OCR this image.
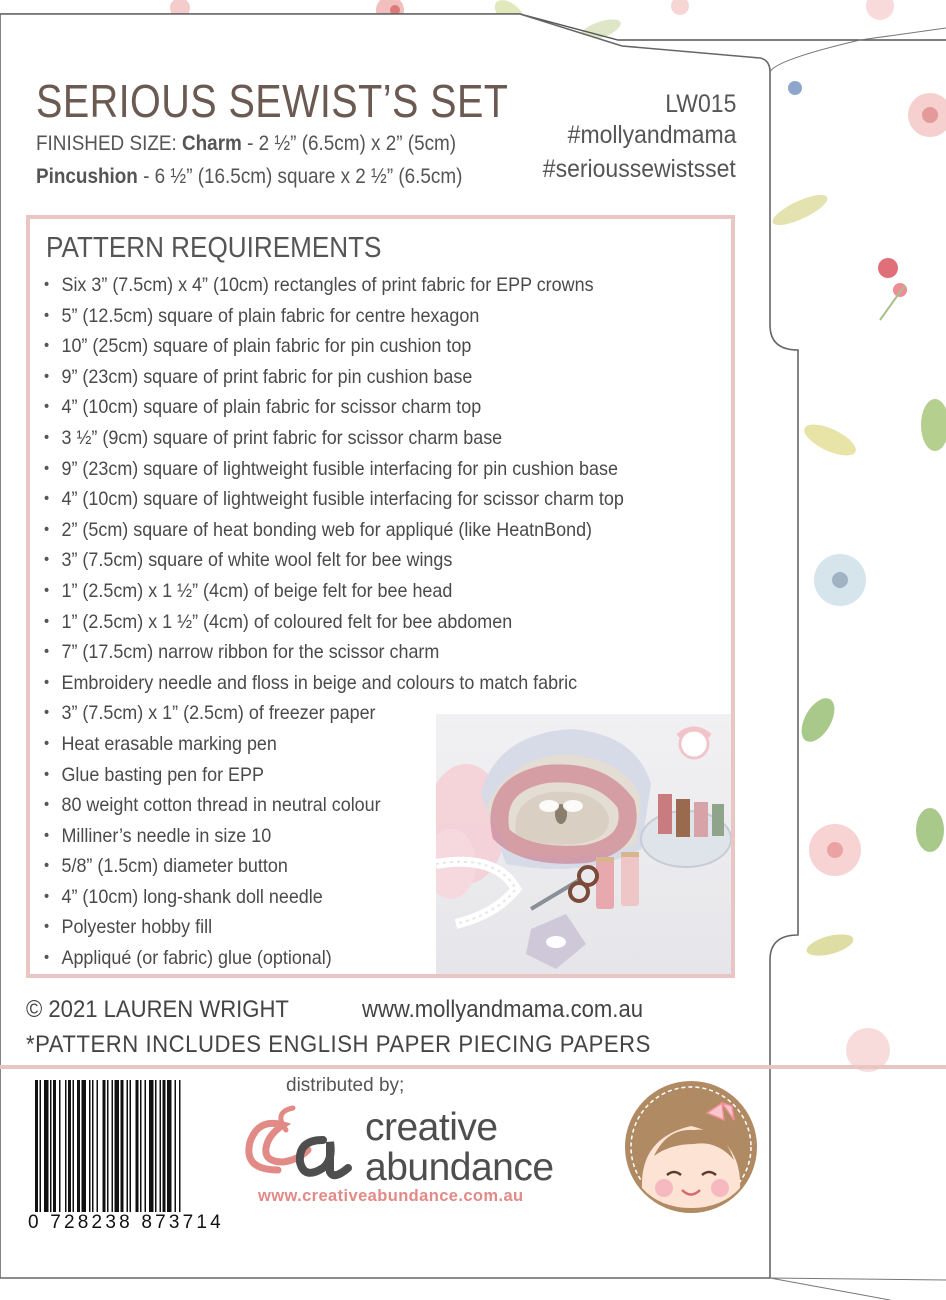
SERIOUS SEWIST’S SET	LW015
#mollyandmama
#serioussewistsset
FINISHED SIZE: Charm - 2 ½” (6.5cm) x 2” (5cm)
Pincushion - 6 ½” (16.5cm) square x 2 ½” (6.5cm)
PATTERN REQUIREMENTS
• Six 3” (7.5cm) x 4” (10cm) rectangles of print fabric for EPP crowns
• 5” (12.5cm) square of plain fabric for centre hexagon
• 10” (25cm) square of plain fabric for pin cushion top
• 9” (23cm) square of print fabric for pin cushion base
• 4” (10cm) square of plain fabric for scissor charm top
• 3 ½” (9cm) square of print fabric for scissor charm base
• 9” (23cm) square of lightweight fusible interfacing for pin cushion base
• 4” (10cm) square of lightweight fusible interfacing for scissor charm top
• 2” (5cm) square of heat bonding web for appliqué (like HeatnBond)
• 3” (7.5cm) square of white wool felt for bee wings
• 1” (2.5cm) x 1 ½” (4cm) of beige felt for bee head
• 1” (2.5cm) x 1 ½” (4cm) of coloured felt for bee abdomen
• 7” (17.5cm) narrow ribbon for the scissor charm
• Embroidery needle and floss in beige and colours to match fabric
• 3” (7.5cm) x 1” (2.5cm) of freezer paper
• Heat erasable marking pen
• Glue basting pen for EPP
• 80 weight cotton thread in neutral colour
• Milliner’s needle in size 10
• 5/8” (1.5cm) diameter button
• 4” (10cm) long-shank doll needle
• Polyester hobby fill
• Appliqué (or fabric) glue (optional)
© 2021 LAUREN WRIGHT	www.mollyandmama.com.au
*PATTERN INCLUDES ENGLISH PAPER PIECING PAPERS
0 728238 873714
distributed by;
creative
abundance
www.creativeabundance.com.au
